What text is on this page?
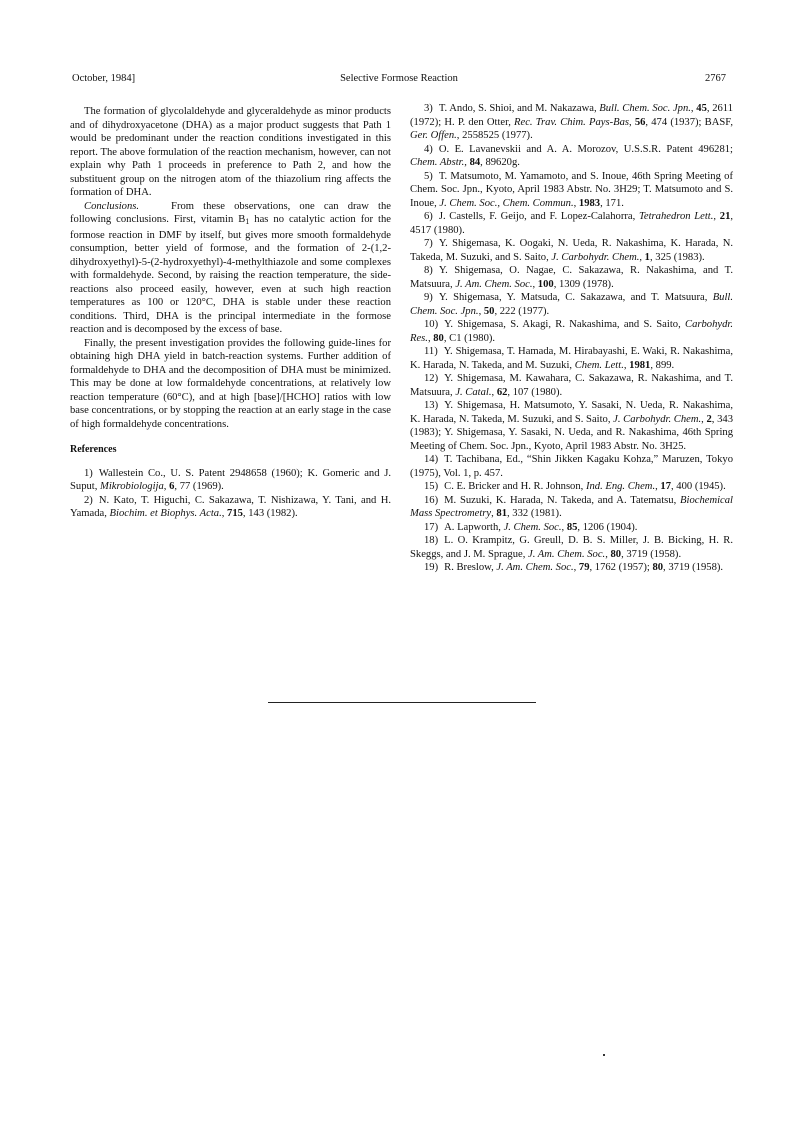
October, 1984]	Selective Formose Reaction	2767

The formation of glycolaldehyde and glyceraldehyde as minor products and of dihydroxyacetone (DHA) as a major product suggests that Path 1 would be predominant under the reaction conditions investigated in this report. The above formulation of the reaction mechanism, however, can not explain why Path 1 proceeds in preference to Path 2, and how the substituent group on the nitrogen atom of the thiazolium ring affects the formation of DHA.

Conclusions.	From these observations, one can draw the following conclusions. First, vitamin $B_1$ has no catalytic action for the formose reaction in DMF by itself, but gives more smooth formaldehyde consumption, better yield of formose, and the formation of 2-(1,2-dihydroxyethyl)-5-(2-hydroxyethyl)-4-methylthiazole and some complexes with formaldehyde. Second, by raising the reaction temperature, the side-reactions also proceed easily, however, even at such high reaction temperatures as 100 or 120°C, DHA is stable under these reaction conditions. Third, DHA is the principal intermediate in the formose reaction and is decomposed by the excess of base.

Finally, the present investigation provides the following guide-lines for obtaining high DHA yield in batch-reaction systems. Further addition of formaldehyde to DHA and the decomposition of DHA must be minimized. This may be done at low formaldehyde concentrations, at relatively low reaction temperature (60°C), and at high [base]/[HCHO] ratios with low base concentrations, or by stopping the reaction at an early stage in the case of high formaldehyde concentrations.

References

1) Wallestein Co., U. S. Patent 2948658 (1960); K. Gomeric and J. Suput, Mikrobiologija, 6, 77 (1969).

2) N. Kato, T. Higuchi, C. Sakazawa, T. Nishizawa, Y. Tani, and H. Yamada, Biochim. et Biophys. Acta., 715, 143 (1982).

3) T. Ando, S. Shioi, and M. Nakazawa, Bull. Chem. Soc. Jpn., 45, 2611 (1972); H. P. den Otter, Rec. Trav. Chim. Pays-Bas, 56, 474 (1937); BASF, Ger. Offen., 2558525 (1977).

4) O. E. Lavanevskii and A. A. Morozov, U.S.S.R. Patent 496281; Chem. Abstr., 84, 89620g.

5) T. Matsumoto, M. Yamamoto, and S. Inoue, 46th Spring Meeting of Chem. Soc. Jpn., Kyoto, April 1983 Abstr. No. 3H29; T. Matsumoto and S. Inoue, J. Chem. Soc., Chem. Commun., 1983, 171.

6) J. Castells, F. Geijo, and F. Lopez-Calahorra, Tetrahedron Lett., 21, 4517 (1980).

7) Y. Shigemasa, K. Oogaki, N. Ueda, R. Nakashima, K. Harada, N. Takeda, M. Suzuki, and S. Saito, J. Carbohydr. Chem., 1, 325 (1983).

8) Y. Shigemasa, O. Nagae, C. Sakazawa, R. Nakashima, and T. Matsuura, J. Am. Chem. Soc., 100, 1309 (1978).

9) Y. Shigemasa, Y. Matsuda, C. Sakazawa, and T. Matsuura, Bull. Chem. Soc. Jpn., 50, 222 (1977).

10) Y. Shigemasa, S. Akagi, R. Nakashima, and S. Saito, Carbohydr. Res., 80, C1 (1980).

11) Y. Shigemasa, T. Hamada, M. Hirabayashi, E. Waki, R. Nakashima, K. Harada, N. Takeda, and M. Suzuki, Chem. Lett., 1981, 899.

12) Y. Shigemasa, M. Kawahara, C. Sakazawa, R. Nakashima, and T. Matsuura, J. Catal., 62, 107 (1980).

13) Y. Shigemasa, H. Matsumoto, Y. Sasaki, N. Ueda, R. Nakashima, K. Harada, N. Takeda, M. Suzuki, and S. Saito, J. Carbohydr. Chem., 2, 343 (1983); Y. Shigemasa, Y. Sasaki, N. Ueda, and R. Nakashima, 46th Spring Meeting of Chem. Soc. Jpn., Kyoto, April 1983 Abstr. No. 3H25.

14) T. Tachibana, Ed., “Shin Jikken Kagaku Kohza,” Maruzen, Tokyo (1975), Vol. 1, p. 457.

15) C. E. Bricker and H. R. Johnson, Ind. Eng. Chem., 17, 400 (1945).

16) M. Suzuki, K. Harada, N. Takeda, and A. Tatematsu, Biochemical Mass Spectrometry, 81, 332 (1981).

17) A. Lapworth, J. Chem. Soc., 85, 1206 (1904).

18) L. O. Krampitz, G. Greull, D. B. S. Miller, J. B. Bicking, H. R. Skeggs, and J. M. Sprague, J. Am. Chem. Soc., 80, 3719 (1958).

19) R. Breslow, J. Am. Chem. Soc., 79, 1762 (1957); 80, 3719 (1958).
